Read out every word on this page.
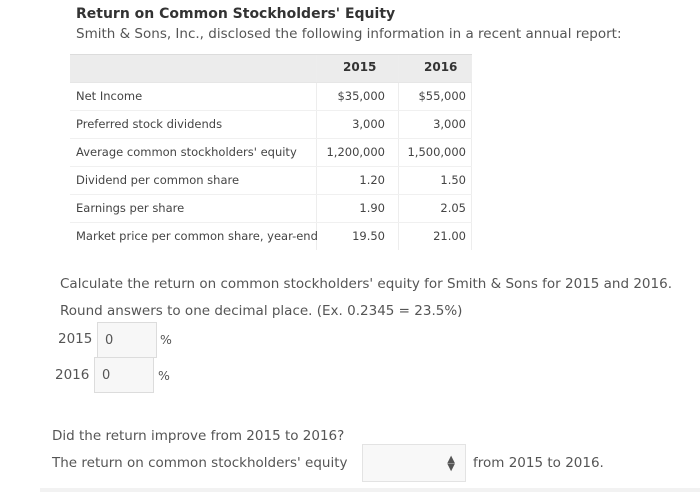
Return on Common Stockholders' Equity
Smith & Sons, Inc., disclosed the following information in a recent annual report:
2015	2016
Net Income	$35,000	$55,000
Preferred stock dividends	3,000	3,000
Average common stockholders' equity	1,200,000	1,500,000
Dividend per common share	1.20	1.50
Earnings per share	1.90	2.05
Market price per common share, year-end	19.50	21.00
Calculate the return on common stockholders' equity for Smith & Sons for 2015 and 2016.
Round answers to one decimal place. (Ex. 0.2345 = 23.5%)
2015
0	%
2016
0	%
Did the return improve from 2015 to 2016?
The return on common stockholders' equity	▲
▼ from 2015 to 2016.
